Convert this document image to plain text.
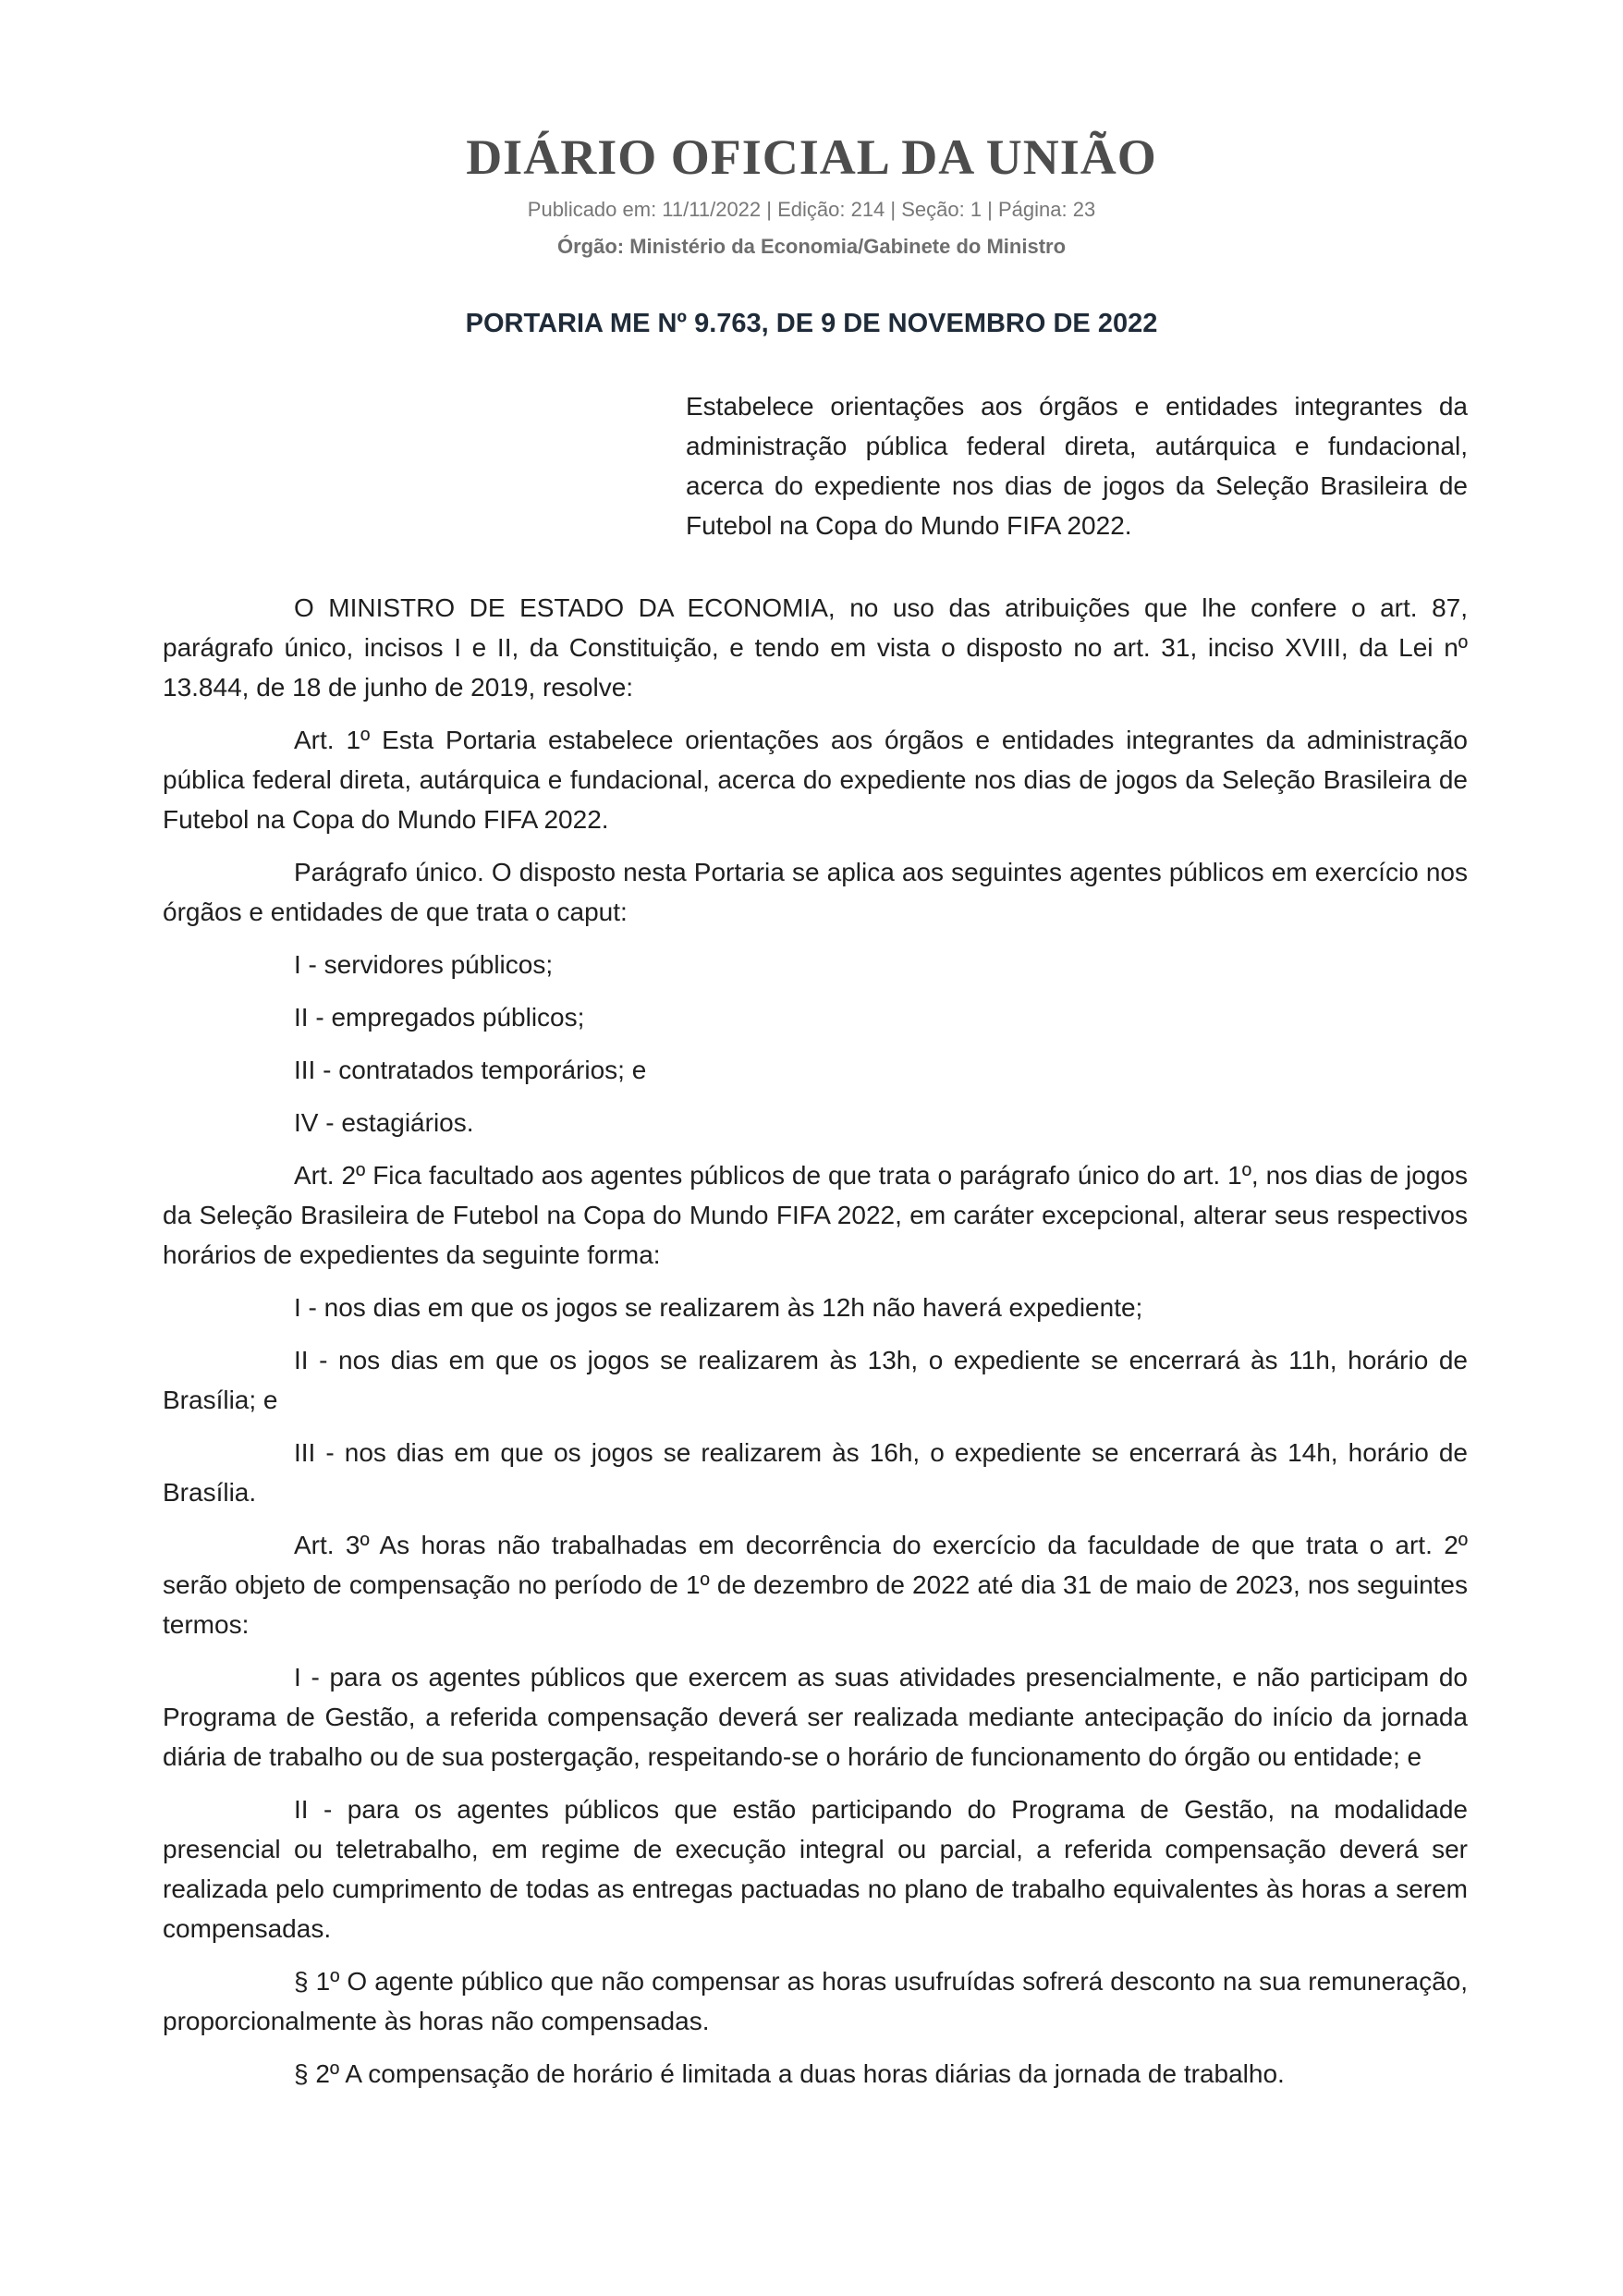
DIÁRIO OFICIAL DA UNIÃO
Publicado em: 11/11/2022 | Edição: 214 | Seção: 1 | Página: 23
Órgão: Ministério da Economia/Gabinete do Ministro
PORTARIA ME Nº 9.763, DE 9 DE NOVEMBRO DE 2022
Estabelece orientações aos órgãos e entidades integrantes da administração pública federal direta, autárquica e fundacional, acerca do expediente nos dias de jogos da Seleção Brasileira de Futebol na Copa do Mundo FIFA 2022.

O MINISTRO DE ESTADO DA ECONOMIA, no uso das atribuições que lhe confere o art. 87, parágrafo único, incisos I e II, da Constituição, e tendo em vista o disposto no art. 31, inciso XVIII, da Lei nº 13.844, de 18 de junho de 2019, resolve:

Art. 1º Esta Portaria estabelece orientações aos órgãos e entidades integrantes da administração pública federal direta, autárquica e fundacional, acerca do expediente nos dias de jogos da Seleção Brasileira de Futebol na Copa do Mundo FIFA 2022.

Parágrafo único. O disposto nesta Portaria se aplica aos seguintes agentes públicos em exercício nos órgãos e entidades de que trata o caput:

I - servidores públicos;

II - empregados públicos;

III - contratados temporários; e

IV - estagiários.

Art. 2º Fica facultado aos agentes públicos de que trata o parágrafo único do art. 1º, nos dias de jogos da Seleção Brasileira de Futebol na Copa do Mundo FIFA 2022, em caráter excepcional, alterar seus respectivos horários de expedientes da seguinte forma:

I - nos dias em que os jogos se realizarem às 12h não haverá expediente;

II - nos dias em que os jogos se realizarem às 13h, o expediente se encerrará às 11h, horário de Brasília; e

III - nos dias em que os jogos se realizarem às 16h, o expediente se encerrará às 14h, horário de Brasília.

Art. 3º As horas não trabalhadas em decorrência do exercício da faculdade de que trata o art. 2º serão objeto de compensação no período de 1º de dezembro de 2022 até dia 31 de maio de 2023, nos seguintes termos:

I - para os agentes públicos que exercem as suas atividades presencialmente, e não participam do Programa de Gestão, a referida compensação deverá ser realizada mediante antecipação do início da jornada diária de trabalho ou de sua postergação, respeitando-se o horário de funcionamento do órgão ou entidade; e

II - para os agentes públicos que estão participando do Programa de Gestão, na modalidade presencial ou teletrabalho, em regime de execução integral ou parcial, a referida compensação deverá ser realizada pelo cumprimento de todas as entregas pactuadas no plano de trabalho equivalentes às horas a serem compensadas.

§ 1º O agente público que não compensar as horas usufruídas sofrerá desconto na sua remuneração, proporcionalmente às horas não compensadas.

§ 2º A compensação de horário é limitada a duas horas diárias da jornada de trabalho.
